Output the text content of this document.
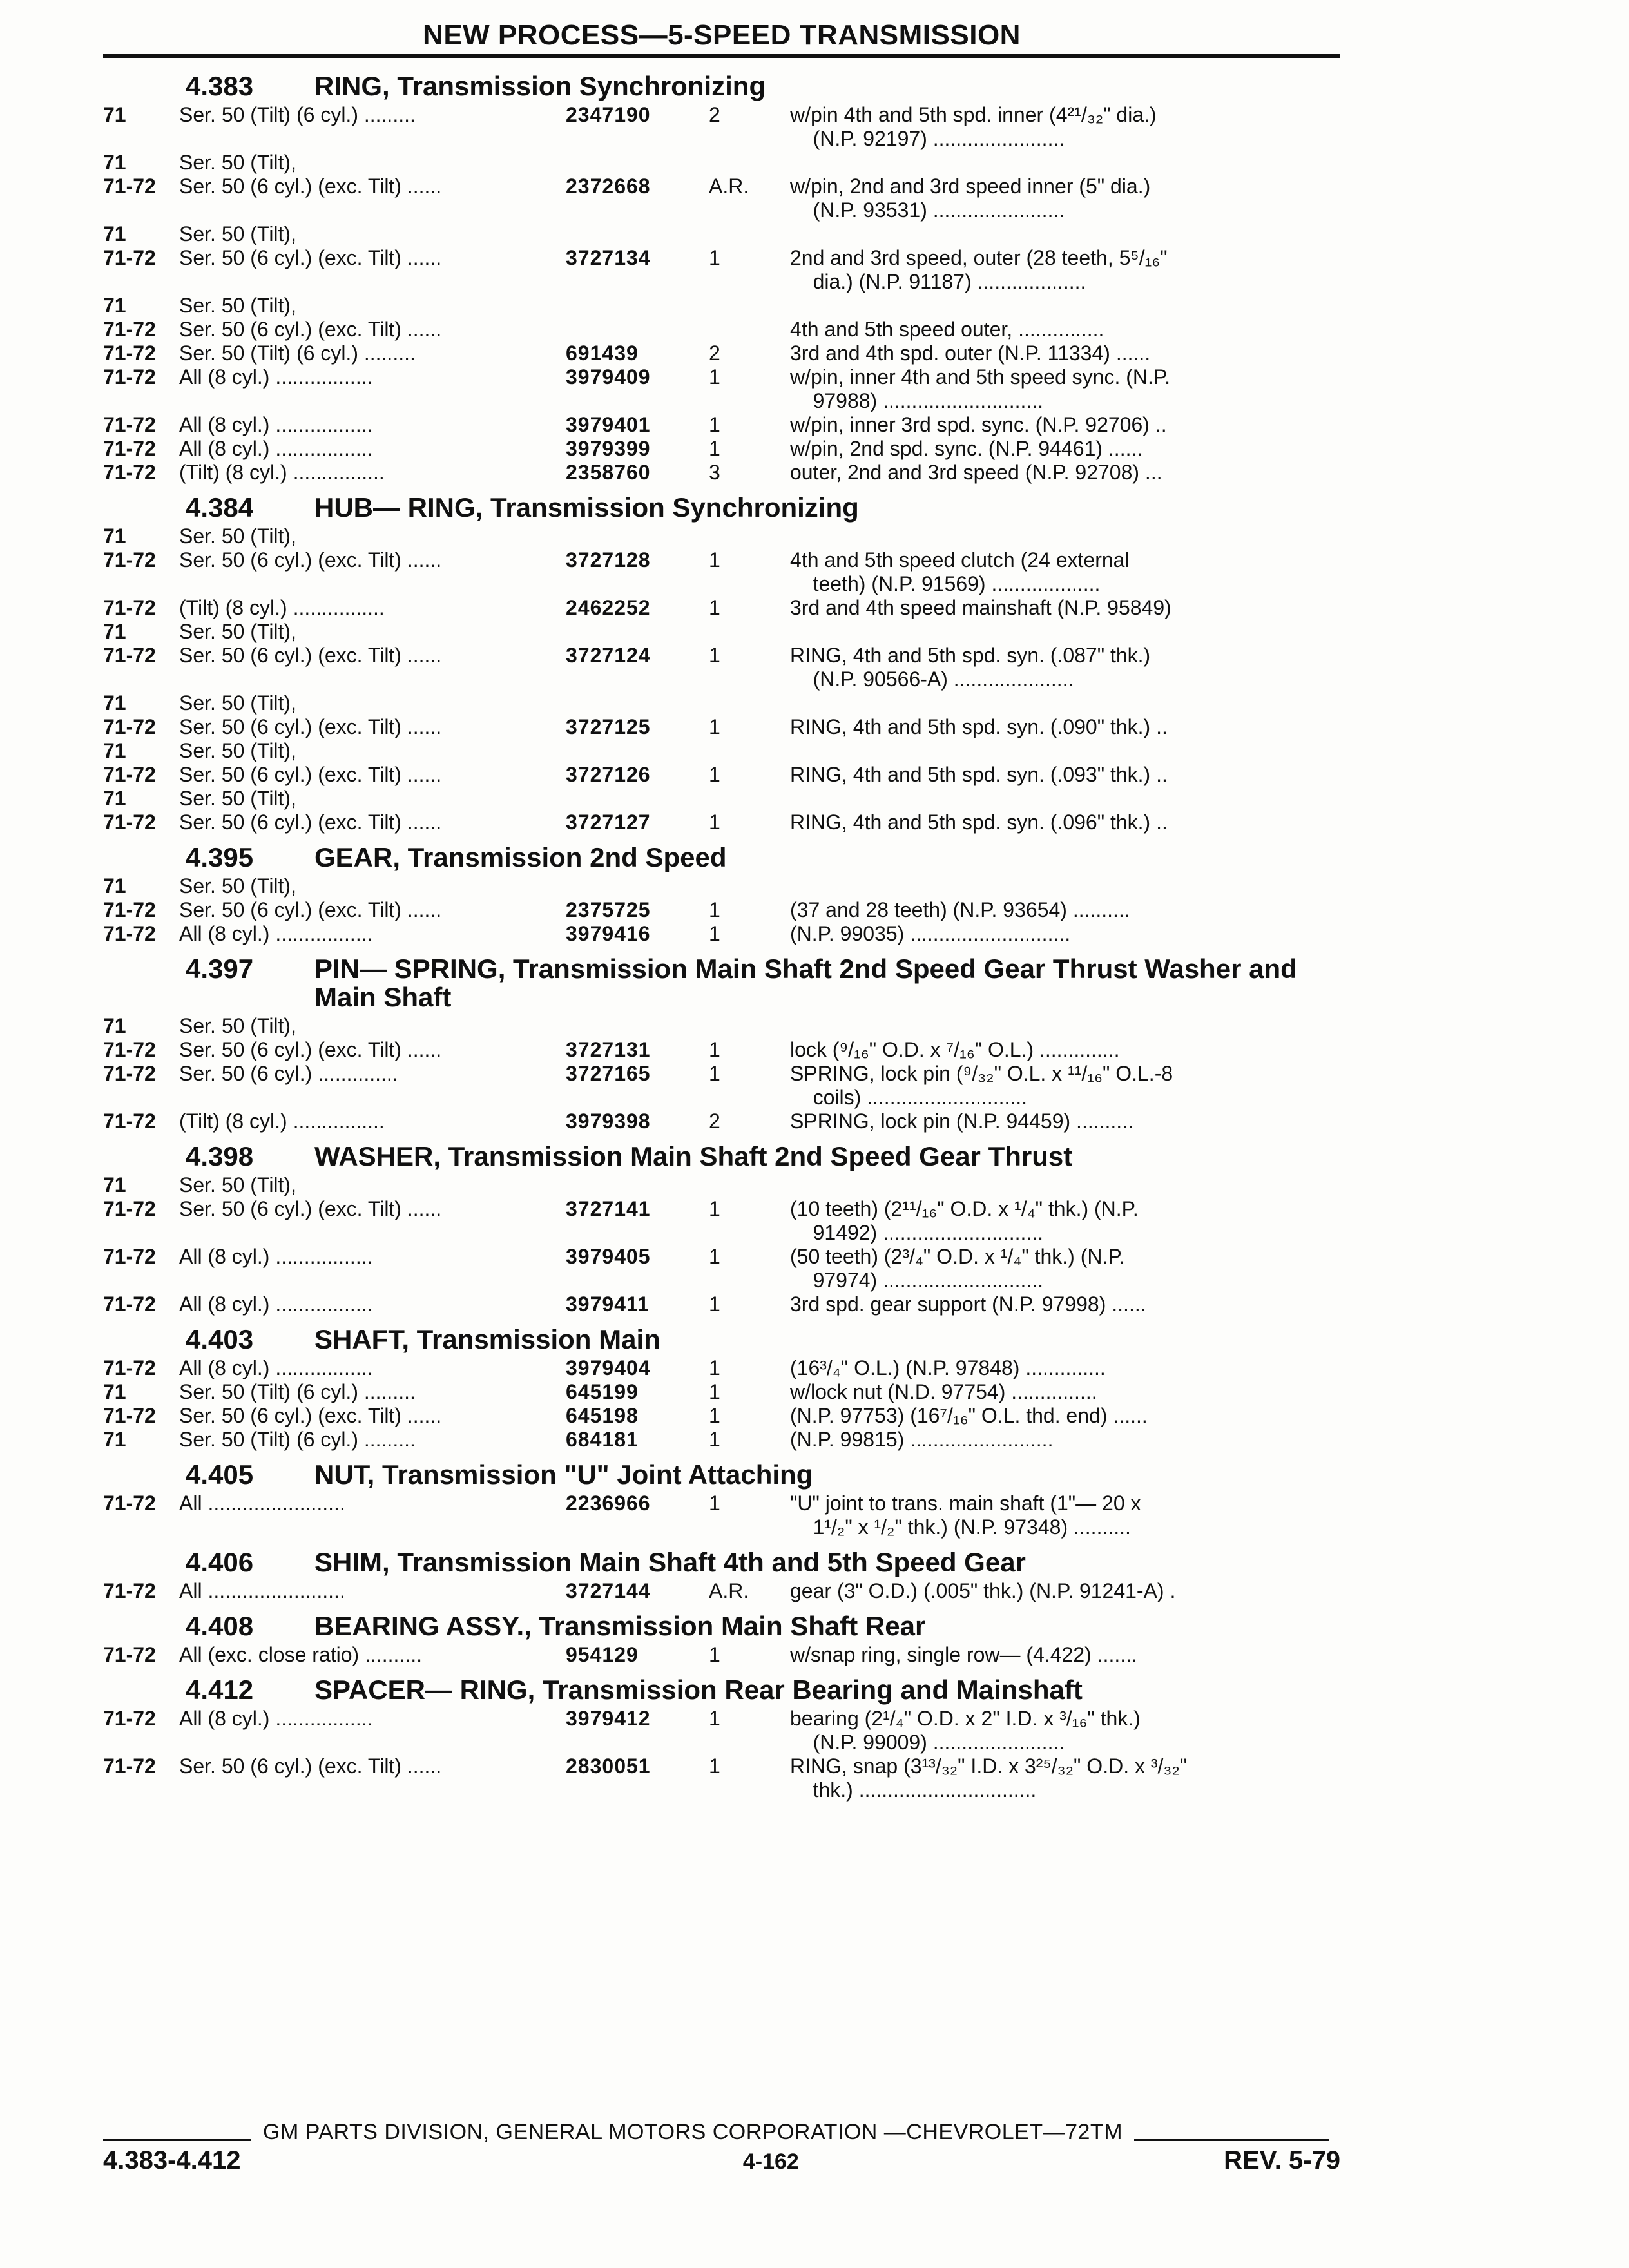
NEW PROCESS—5-SPEED TRANSMISSION
4.383	RING, Transmission Synchronizing
71	Ser. 50 (Tilt) (6 cyl.) .........	2347190	2	w/pin 4th and 5th spd. inner (4²¹/₃₂" dia.)
(N.P. 92197) .......................
71	Ser. 50 (Tilt),
71-72	Ser. 50 (6 cyl.) (exc. Tilt) ......	2372668	A.R.	w/pin, 2nd and 3rd speed inner (5" dia.)
(N.P. 93531) .......................
71	Ser. 50 (Tilt),
71-72	Ser. 50 (6 cyl.) (exc. Tilt) ......	3727134	1	2nd and 3rd speed, outer (28 teeth, 5⁵/₁₆"
dia.) (N.P. 91187) ...................
71	Ser. 50 (Tilt),
71-72	Ser. 50 (6 cyl.) (exc. Tilt) ......	4th and 5th speed outer, ...............
71-72	Ser. 50 (Tilt) (6 cyl.) .........	691439	2	3rd and 4th spd. outer (N.P. 11334) ......
71-72	All (8 cyl.) .................	3979409	1	w/pin, inner 4th and 5th speed sync. (N.P.
97988) ............................
71-72	All (8 cyl.) .................	3979401	1	w/pin, inner 3rd spd. sync. (N.P. 92706) ..
71-72	All (8 cyl.) .................	3979399	1	w/pin, 2nd spd. sync. (N.P. 94461) ......
71-72	(Tilt) (8 cyl.) ................	2358760	3	outer, 2nd and 3rd speed (N.P. 92708) ...
4.384	HUB— RING, Transmission Synchronizing
71	Ser. 50 (Tilt),
71-72	Ser. 50 (6 cyl.) (exc. Tilt) ......	3727128	1	4th and 5th speed clutch (24 external
teeth) (N.P. 91569) ...................
71-72	(Tilt) (8 cyl.) ................	2462252	1	3rd and 4th speed mainshaft (N.P. 95849)
71	Ser. 50 (Tilt),
71-72	Ser. 50 (6 cyl.) (exc. Tilt) ......	3727124	1	RING, 4th and 5th spd. syn. (.087" thk.)
(N.P. 90566-A) .....................
71	Ser. 50 (Tilt),
71-72	Ser. 50 (6 cyl.) (exc. Tilt) ......	3727125	1	RING, 4th and 5th spd. syn. (.090" thk.) ..
71	Ser. 50 (Tilt),
71-72	Ser. 50 (6 cyl.) (exc. Tilt) ......	3727126	1	RING, 4th and 5th spd. syn. (.093" thk.) ..
71	Ser. 50 (Tilt),
71-72	Ser. 50 (6 cyl.) (exc. Tilt) ......	3727127	1	RING, 4th and 5th spd. syn. (.096" thk.) ..
4.395	GEAR, Transmission 2nd Speed
71	Ser. 50 (Tilt),
71-72	Ser. 50 (6 cyl.) (exc. Tilt) ......	2375725	1	(37 and 28 teeth) (N.P. 93654) ..........
71-72	All (8 cyl.) .................	3979416	1	(N.P. 99035) ............................
4.397	PIN— SPRING, Transmission Main Shaft 2nd Speed Gear Thrust Washer and Main Shaft
71	Ser. 50 (Tilt),
71-72	Ser. 50 (6 cyl.) (exc. Tilt) ......	3727131	1	lock (⁹/₁₆" O.D. x ⁷/₁₆" O.L.) ..............
71-72	Ser. 50 (6 cyl.) ..............	3727165	1	SPRING, lock pin (⁹/₃₂" O.L. x ¹¹/₁₆" O.L.-8
coils) ............................
71-72	(Tilt) (8 cyl.) ................	3979398	2	SPRING, lock pin (N.P. 94459) ..........
4.398	WASHER, Transmission Main Shaft 2nd Speed Gear Thrust
71	Ser. 50 (Tilt),
71-72	Ser. 50 (6 cyl.) (exc. Tilt) ......	3727141	1	(10 teeth) (2¹¹/₁₆" O.D. x ¹/₄" thk.) (N.P.
91492) ............................
71-72	All (8 cyl.) .................	3979405	1	(50 teeth) (2³/₄" O.D. x ¹/₄" thk.) (N.P.
97974) ............................
71-72	All (8 cyl.) .................	3979411	1	3rd spd. gear support (N.P. 97998) ......
4.403	SHAFT, Transmission Main
71-72	All (8 cyl.) .................	3979404	1	(16³/₄" O.L.) (N.P. 97848) ..............
71	Ser. 50 (Tilt) (6 cyl.) .........	645199	1	w/lock nut (N.D. 97754) ...............
71-72	Ser. 50 (6 cyl.) (exc. Tilt) ......	645198	1	(N.P. 97753) (16⁷/₁₆" O.L. thd. end) ......
71	Ser. 50 (Tilt) (6 cyl.) .........	684181	1	(N.P. 99815) .........................
4.405	NUT, Transmission "U" Joint Attaching
71-72	All ........................	2236966	1	"U" joint to trans. main shaft (1"— 20 x
1¹/₂" x ¹/₂" thk.) (N.P. 97348) ..........
4.406	SHIM, Transmission Main Shaft 4th and 5th Speed Gear
71-72	All ........................	3727144	A.R.	gear (3" O.D.) (.005" thk.) (N.P. 91241-A) .
4.408	BEARING ASSY., Transmission Main Shaft Rear
71-72	All (exc. close ratio) ..........	954129	1	w/snap ring, single row— (4.422) .......
4.412	SPACER— RING, Transmission Rear Bearing and Mainshaft
71-72	All (8 cyl.) .................	3979412	1	bearing (2¹/₄" O.D. x 2" I.D. x ³/₁₆" thk.)
(N.P. 99009) .......................
71-72	Ser. 50 (6 cyl.) (exc. Tilt) ......	2830051	1	RING, snap (3¹³/₃₂" I.D. x 3²⁵/₃₂" O.D. x ³/₃₂"
thk.) ...............................
GM PARTS DIVISION, GENERAL MOTORS CORPORATION —CHEVROLET—72TM
4.383-4.412	4-162	REV. 5-79
